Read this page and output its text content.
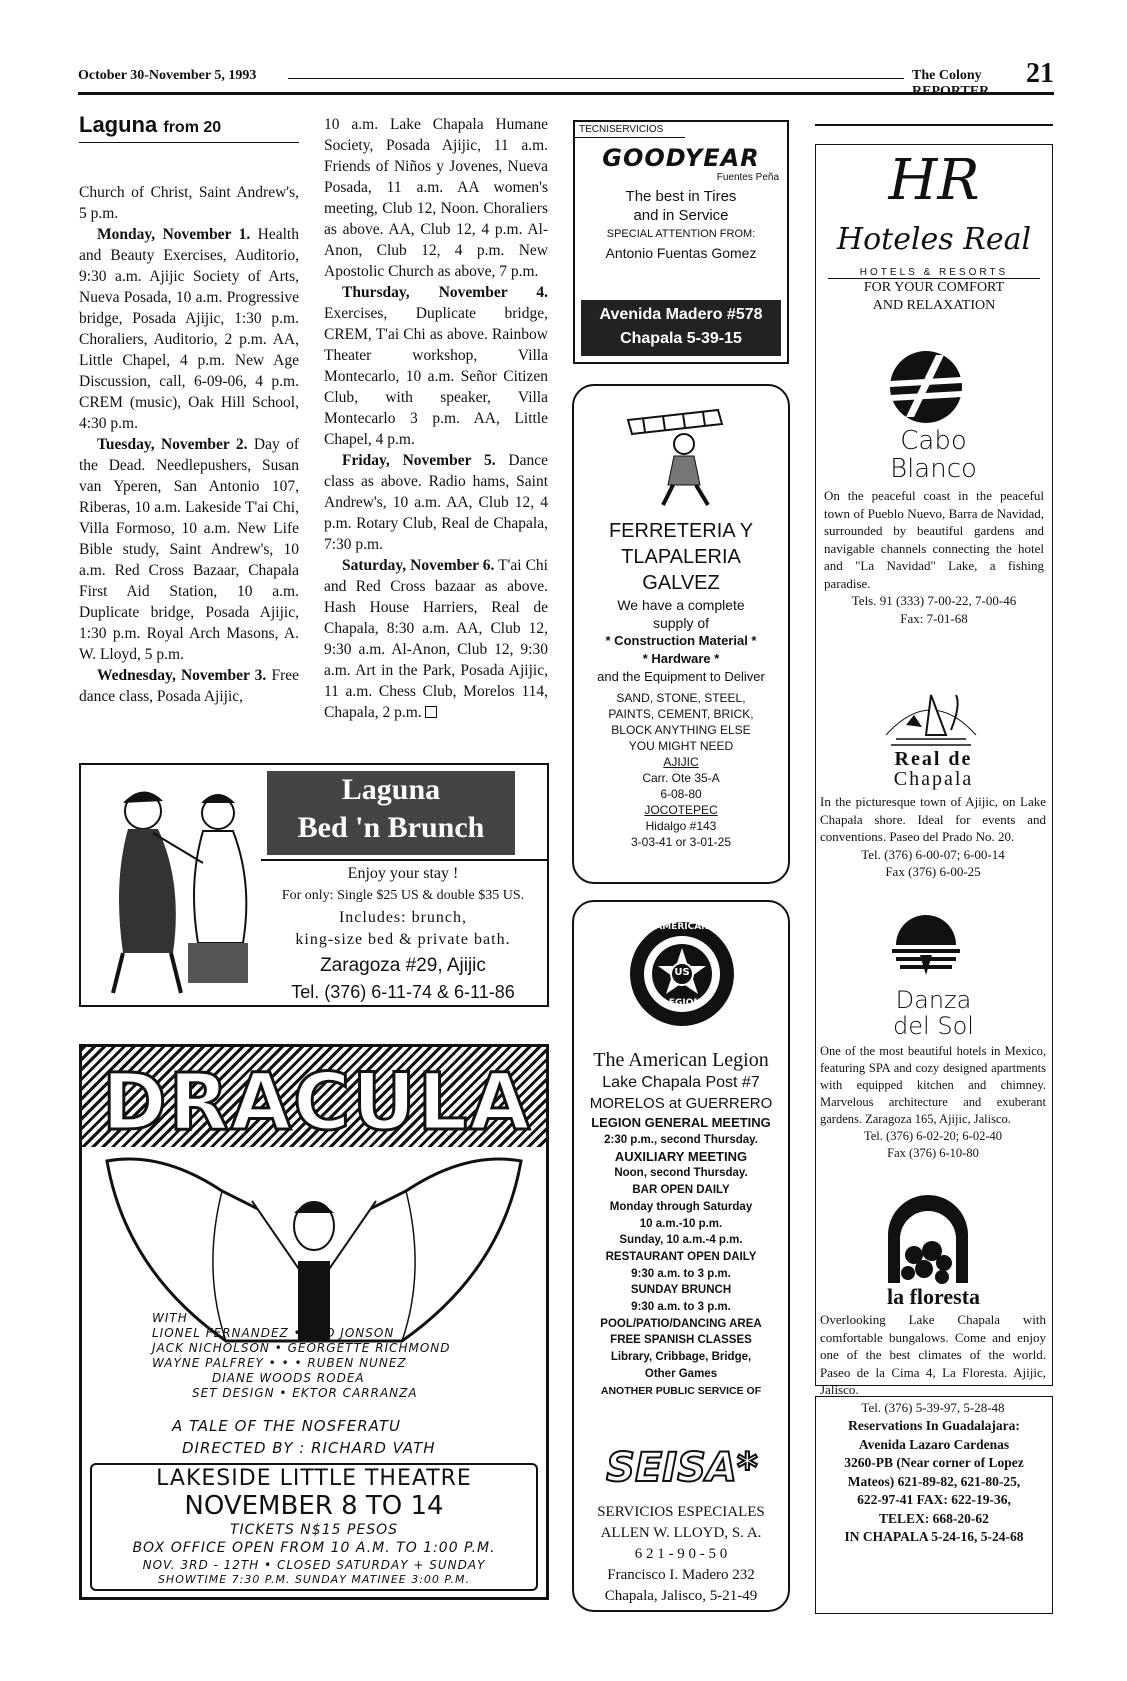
October 30-November 5, 1993	The Colony	21
Laguna from 20

Church of Christ, Saint Andrew's, 5 p.m.

Monday, November 1. Health and Beauty Exercises, Auditorio, 9:30 a.m. Ajijic Society of Arts, Nueva Posada, 10 a.m. Progressive bridge, Posada Ajijic, 1:30 p.m. Choraliers, Auditorio, 2 p.m. AA, Little Chapel, 4 p.m. New Age Discussion, call, 6-09-06, 4 p.m. CREM (music), Oak Hill School, 4:30 p.m.

Tuesday, November 2. Day of the Dead. Needlepushers, Susan van Yperen, San Antonio 107, Riberas, 10 a.m. Lakeside T'ai Chi, Villa Formoso, 10 a.m. New Life Bible study, Saint Andrew's, 10 a.m. Red Cross Bazaar, Chapala First Aid Station, 10 a.m. Duplicate bridge, Posada Ajijic, 1:30 p.m. Royal Arch Masons, A. W. Lloyd, 5 p.m.

Wednesday, November 3. Free dance class, Posada Ajijic,

10 a.m. Lake Chapala Humane Society, Posada Ajijic, 11 a.m. Friends of Niños y Jovenes, Nueva Posada, 11 a.m. AA women's meeting, Club 12, Noon. Choraliers as above. AA, Club 12, 4 p.m. Al-Anon, Club 12, 4 p.m. New Apostolic Church as above, 7 p.m.

Thursday, November 4. Exercises, Duplicate bridge, CREM, T'ai Chi as above. Rainbow Theater workshop, Villa Montecarlo, 10 a.m. Señor Citizen Club, with speaker, Villa Montecarlo 3 p.m. AA, Little Chapel, 4 p.m.

Friday, November 5. Dance class as above. Radio hams, Saint Andrew's, 10 a.m. AA, Club 12, 4 p.m. Rotary Club, Real de Chapala, 7:30 p.m.

Saturday, November 6. T'ai Chi and Red Cross bazaar as above. Hash House Harriers, Real de Chapala, 8:30 a.m. AA, Club 12, 9:30 a.m. Al-Anon, Club 12, 9:30 a.m. Art in the Park, Posada Ajijic, 11 a.m. Chess Club, Morelos 114, Chapala, 2 p.m.

Laguna
Bed 'n Brunch
Enjoy your stay !
For only: Single $25 US & double $35 US.
Includes: brunch,
king-size bed & private bath.
Zaragoza #29, Ajijic
Tel. (376) 6-11-74 & 6-11-86
DRACULA
WITH
LIONEL FERNANDEZ • TOD JONSON
JACK NICHOLSON • GEORGETTE RICHMOND
WAYNE PALFREY • • • RUBEN NUNEZ
DIANE WOODS RODEA
SET DESIGN • EKTOR CARRANZA
A TALE OF THE NOSFERATU
DIRECTED BY : RICHARD VATH
LAKESIDE LITTLE THEATRE
NOVEMBER 8 TO 14
TICKETS N$15 PESOS
BOX OFFICE OPEN FROM 10 A.M. TO 1:00 P.M.
NOV. 3RD - 12TH • CLOSED SATURDAY + SUNDAY
SHOWTIME 7:30 P.M. SUNDAY MATINEE 3:00 P.M.
TECNISERVICIOS
GOODYEAR
Fuentes Peña
The best in Tires
and in Service
SPECIAL ATTENTION FROM:
Antonio Fuentas Gomez
Avenida Madero #578
Chapala 5-39-15
FERRETERIA Y
TLAPALERIA
GALVEZ
We have a complete
supply of
* Construction Material *
* Hardware *
and the Equipment to Deliver
SAND, STONE, STEEL,
PAINTS, CEMENT, BRICK,
BLOCK ANYTHING ELSE
YOU MIGHT NEED
AJIJIC
Carr. Ote 35-A
6-08-80
JOCOTEPEC
Hidalgo #143
3-03-41 or 3-01-25
AMERICAN
US
LEGION
The American Legion
Lake Chapala Post #7
MORELOS at GUERRERO
LEGION GENERAL MEETING
2:30 p.m., second Thursday.
AUXILIARY MEETING
Noon, second Thursday.
BAR OPEN DAILY
Monday through Saturday
10 a.m.-10 p.m.
Sunday, 10 a.m.-4 p.m.
RESTAURANT OPEN DAILY
9:30 a.m. to 3 p.m.
SUNDAY BRUNCH
9:30 a.m. to 3 p.m.
POOL/PATIO/DANCING AREA
FREE SPANISH CLASSES
Library, Cribbage, Bridge,
Other Games
ANOTHER PUBLIC SERVICE OF
SEISA*
SERVICIOS ESPECIALES
ALLEN W. LLOYD, S. A.
6 2 1 - 9 0 - 5 0
Francisco I. Madero 232
Chapala, Jalisco, 5-21-49
HR
Hoteles Real
HOTELS & RESORTS
FOR YOUR COMFORT
AND RELAXATION
Cabo
Blanco
On the peaceful coast in the peaceful town of Pueblo Nuevo, Barra de Navidad, surrounded by beautiful gardens and navigable channels connecting the hotel and "La Navidad" Lake, a fishing paradise.
Tels. 91 (333) 7-00-22, 7-00-46
Fax: 7-01-68
Real de
Chapala
In the picturesque town of Ajijic, on Lake Chapala shore. Ideal for events and conventions. Paseo del Prado No. 20.
Tel. (376) 6-00-07; 6-00-14
Fax (376) 6-00-25
Danza
del Sol
One of the most beautiful hotels in Mexico, featuring SPA and cozy designed apartments with equipped kitchen and chimney. Marvelous architecture and exuberant gardens. Zaragoza 165, Ajijic, Jalisco.
Tel. (376) 6-02-20; 6-02-40
Fax (376) 6-10-80
la floresta
Overlooking Lake Chapala with comfortable bungalows. Come and enjoy one of the best climates of the world. Paseo de la Cima 4, La Floresta. Ajijic, Jalisco.
Tel. (376) 5-39-97, 5-28-48
Reservations In Guadalajara:
Avenida Lazaro Cardenas
3260-PB (Near corner of Lopez
Mateos) 621-89-82, 621-80-25,
622-97-41 FAX: 622-19-36,
TELEX: 668-20-62
IN CHAPALA 5-24-16, 5-24-68
